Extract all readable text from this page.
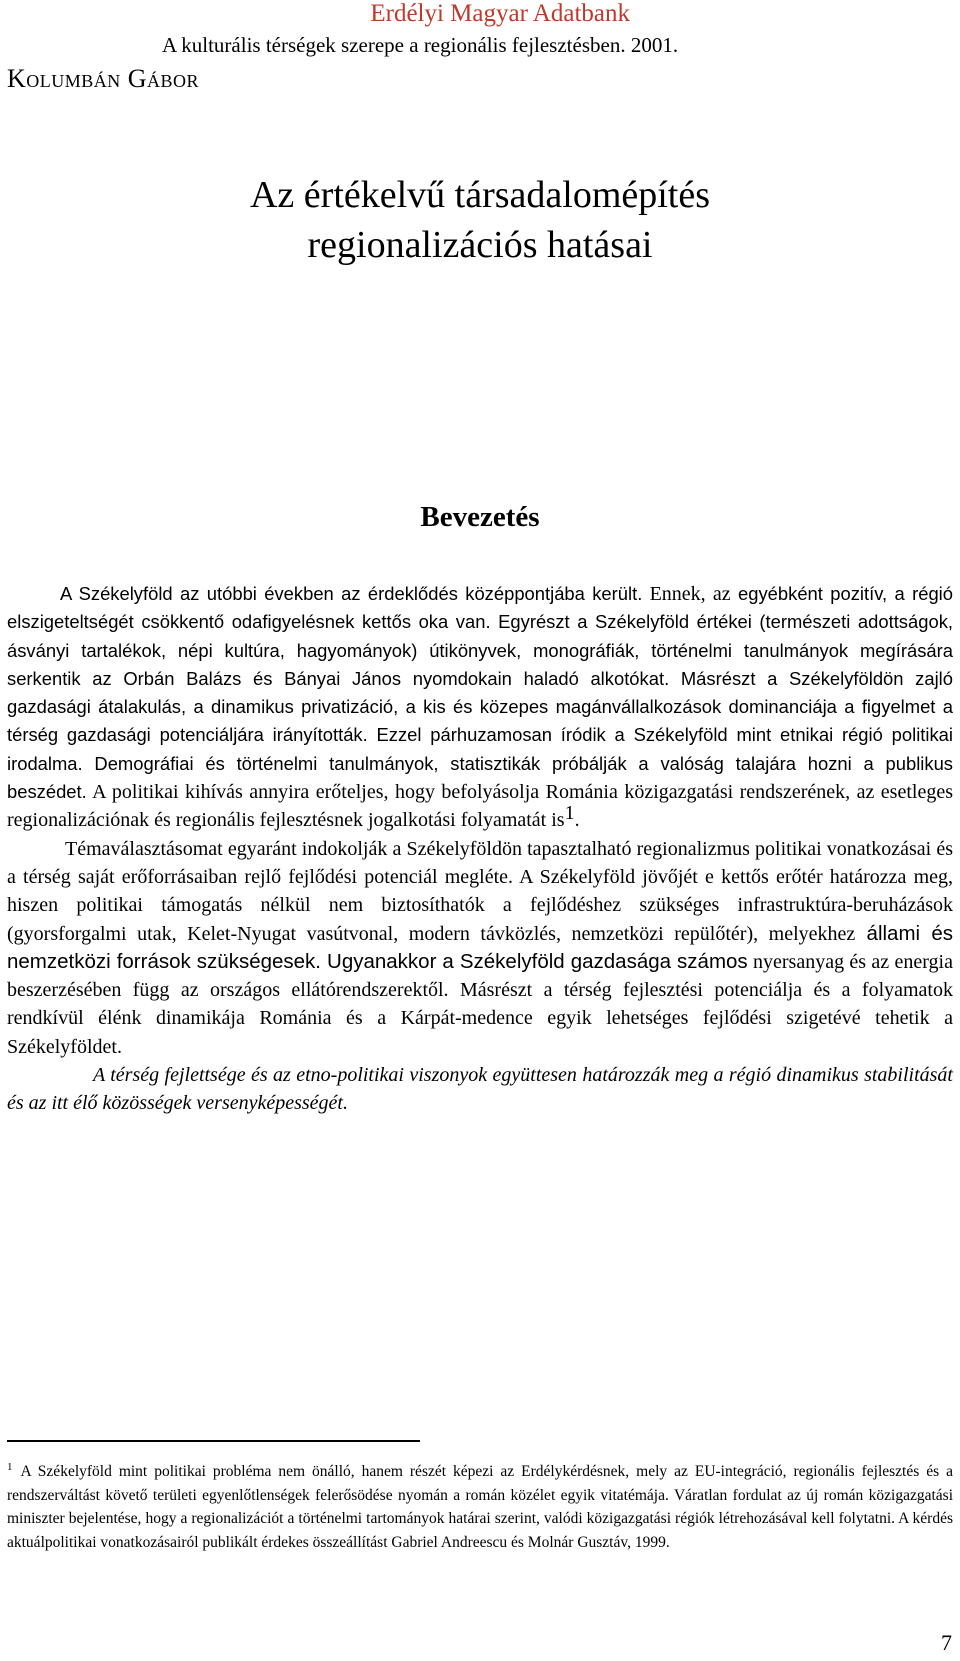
Erdélyi Magyar Adatbank
A kulturális térségek szerepe a regionális fejlesztésben. 2001.
Kolumbán Gábor
Az értékelvű társadalomépítés
regionalizációs hatásai
Bevezetés

A Székelyföld az utóbbi években az érdeklődés középpontjába került. Ennek, az egyébként pozitív, a régió elszigeteltségét csökkentő odafigyelésnek kettős oka van. Egyrészt a Székelyföld értékei (természeti adottságok, ásványi tartalékok, népi kultúra, hagyományok) útikönyvek, monográfiák, történelmi tanulmányok megírására serkentik az Orbán Balázs és Bányai János nyomdokain haladó alkotókat. Másrészt a Székelyföldön zajló gazdasági átalakulás, a dinamikus privatizáció, a kis és közepes magánvállalkozások dominanciája a figyelmet a térség gazdasági potenciáljára irányították. Ezzel párhuzamosan íródik a Székelyföld mint etnikai régió politikai irodalma. Demográfiai és történelmi tanulmányok, statisztikák próbálják a valóság talajára hozni a publikus beszédet. A politikai kihívás annyira erőteljes, hogy befolyásolja Románia közigazgatási rendszerének, az esetleges regionalizációnak és regionális fejlesztésnek jogalkotási folyamatát $is^1$.

Témaválasztásomat egyaránt indokolják a Székelyföldön tapasztalható regionalizmus politikai vonatkozásai és a térség saját erőforrásaiban rejlő fejlődési potenciál megléte. A Székelyföld jövőjét e kettős erőtér határozza meg, hiszen politikai támogatás nélkül nem biztosíthatók a fejlődéshez szükséges infrastruktúra-beruházások (gyorsforgalmi utak, Kelet-Nyugat vasútvonal, modern távközlés, nemzetközi repülőtér), melyekhez állami és nemzetközi források szükségesek. Ugyanakkor a Székelyföld gazdasága számos nyersanyag és az energia beszerzésében függ az országos ellátórendszerektől. Másrészt a térség fejlesztési potenciálja és a folyamatok rendkívül élénk dinamikája Románia és a Kárpát-medence egyik lehetséges fejlődési szigetévé tehetik a Székelyföldet.

A térség fejlettsége és az etno-politikai viszonyok együttesen határozzák meg a régió dinamikus stabilitását és az itt élő közösségek versenyképességét.

$^1$ A Székelyföld mint politikai probléma nem önálló, hanem részét képezi az Erdélykérdésnek, mely az EU-integráció, regionális fejlesztés és a rendszerváltást követő területi egyenlőtlenségek felerősödése nyomán a román közélet egyik vitatémája. Váratlan fordulat az új román közigazgatási miniszter bejelentése, hogy a regionalizációt a történelmi tartományok határai szerint, valódi közigazgatási régiók létrehozásával kell folytatni. A kérdés aktuálpolitikai vonatkozásairól publikált érdekes összeállítást Gabriel Andreescu és Molnár Gusztáv, 1999.
7
